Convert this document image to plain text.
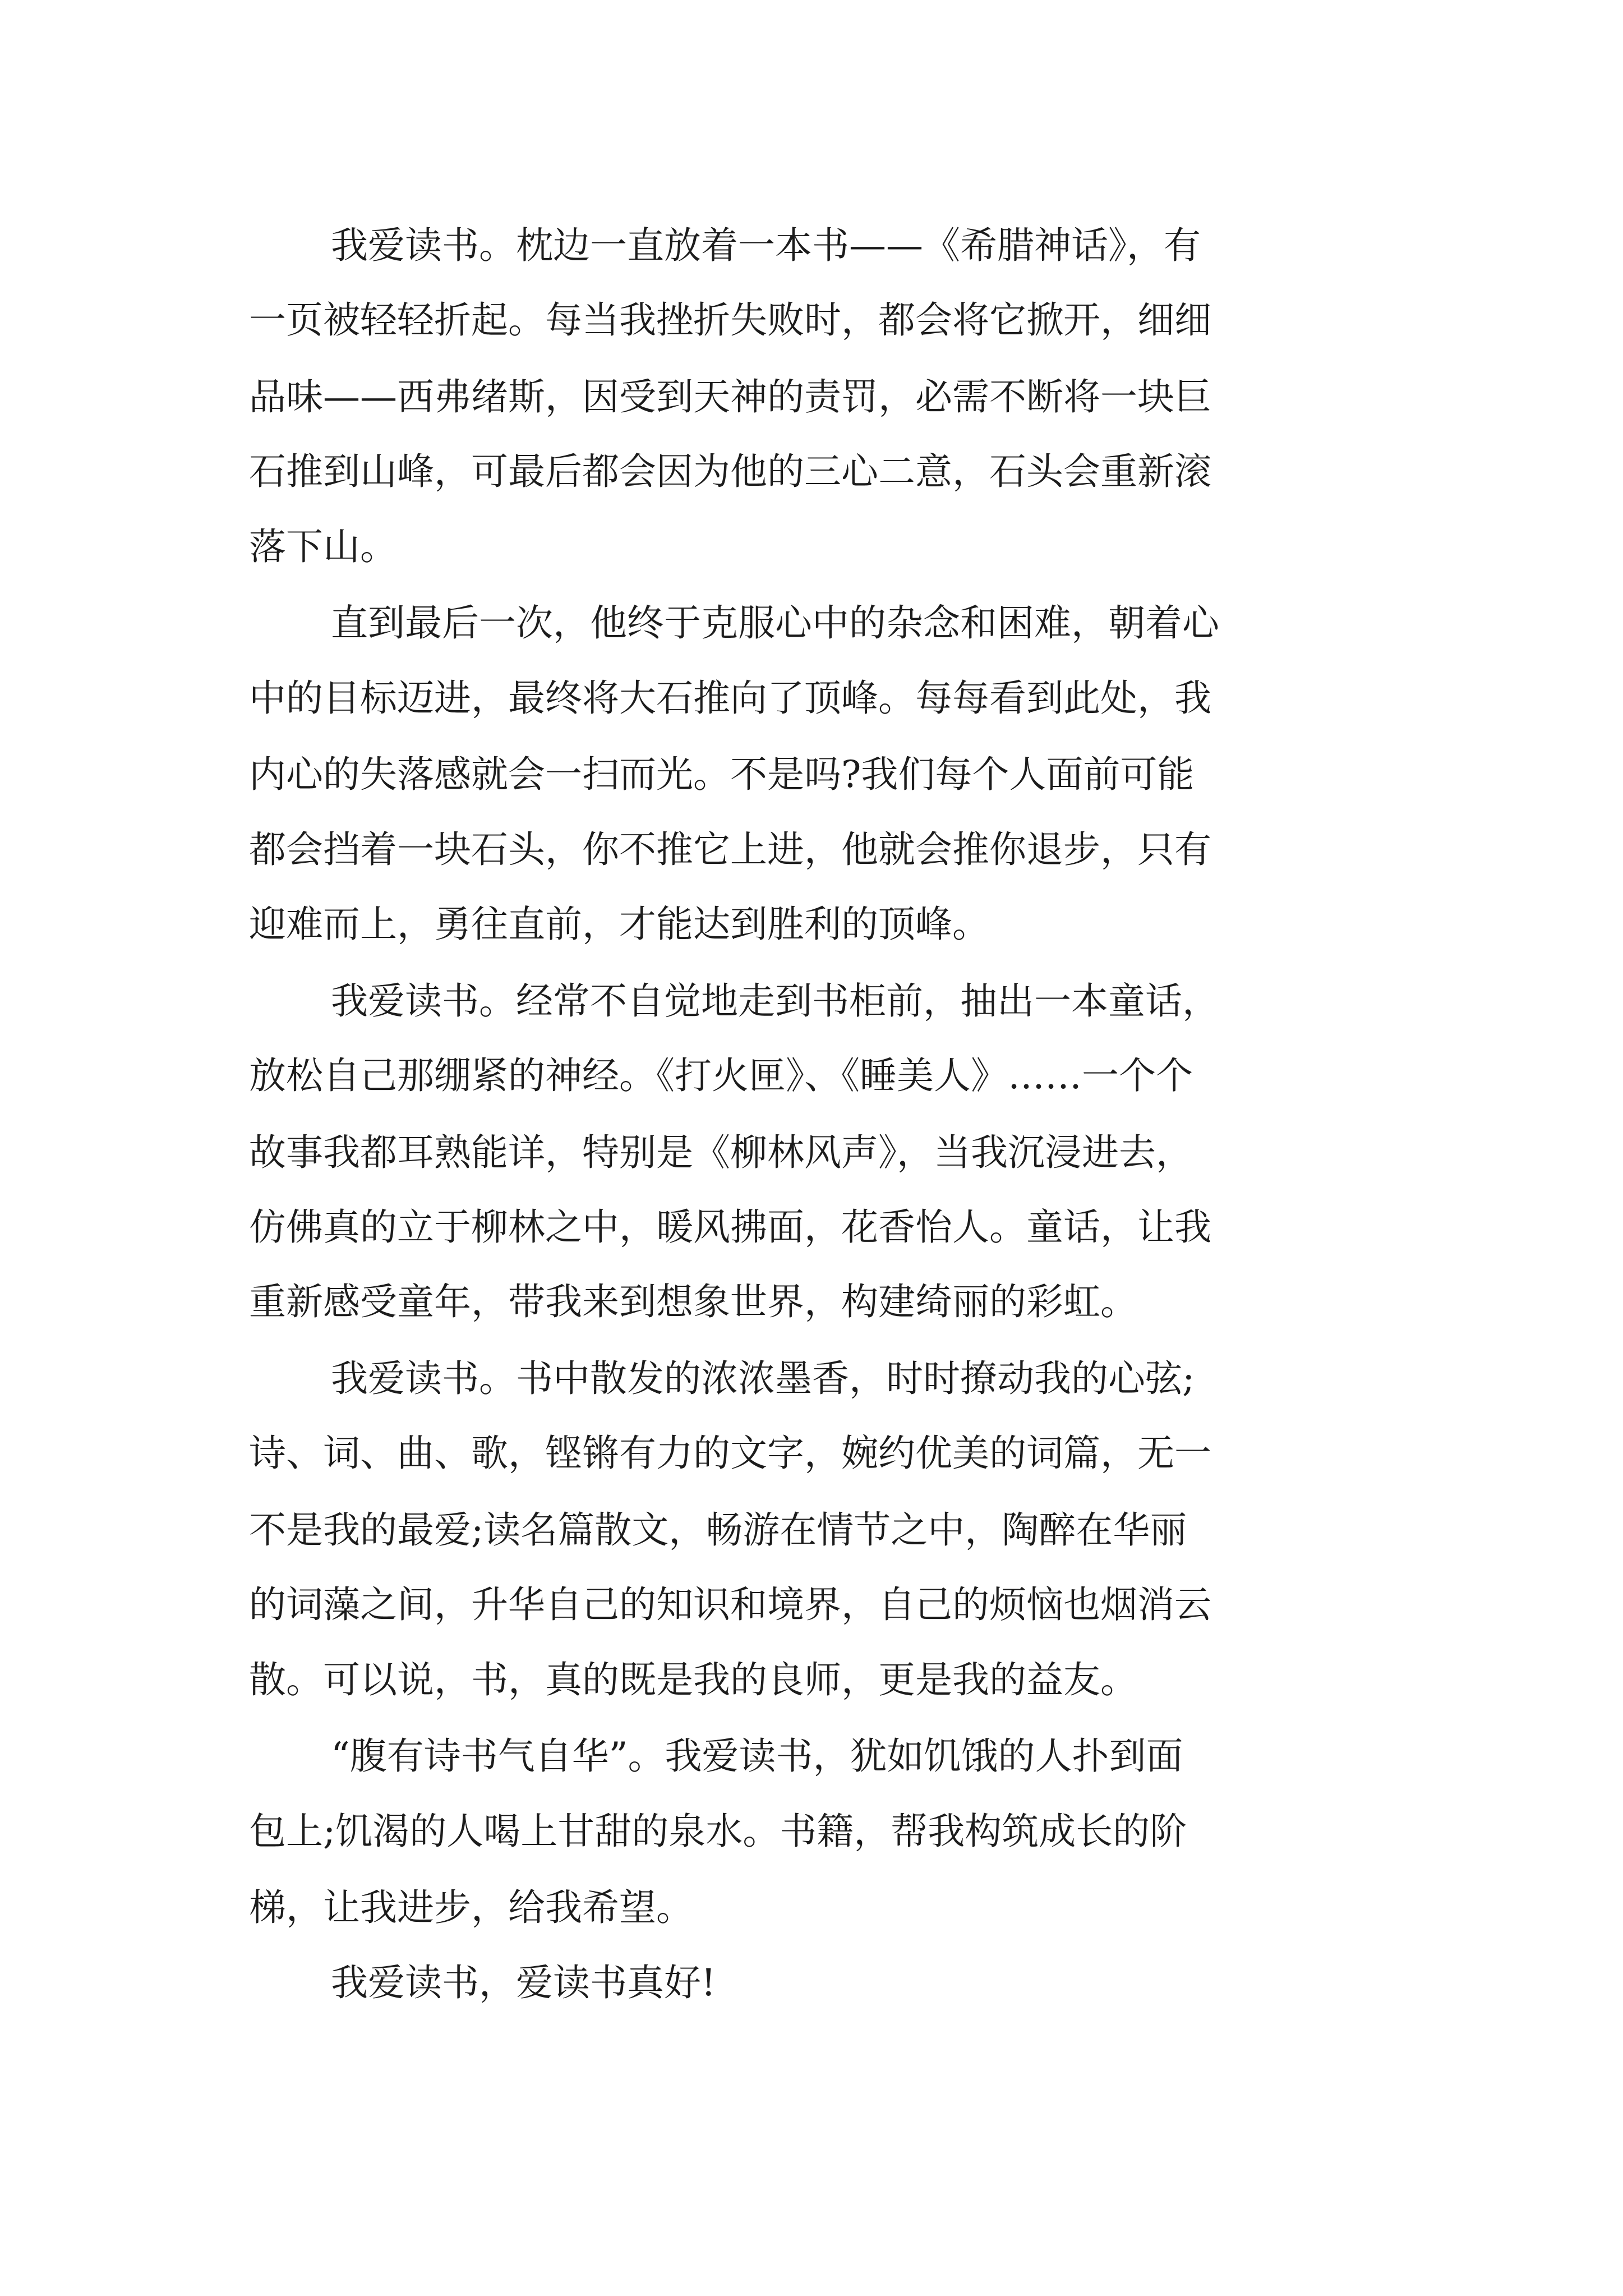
我爱读书。枕边一直放着一本书——《希腊神话》，有

一页被轻轻折起。每当我挫折失败时，都会将它掀开，细细

品味——西弗绪斯，因受到天神的责罚，必需不断将一块巨

石推到山峰，可最后都会因为他的三心二意，石头会重新滚

落下山。

直到最后一次，他终于克服心中的杂念和困难，朝着心

中的目标迈进，最终将大石推向了顶峰。每每看到此处，我

内心的失落感就会一扫而光。不是吗?我们每个人面前可能

都会挡着一块石头，你不推它上进，他就会推你退步，只有

迎难而上，勇往直前，才能达到胜利的顶峰。

我爱读书。经常不自觉地走到书柜前，抽出一本童话，

放松自己那绷紧的神经。《打火匣》、《睡美人》……一个个

故事我都耳熟能详，特别是《柳林风声》，当我沉浸进去，

仿佛真的立于柳林之中，暖风拂面，花香怡人。童话，让我

重新感受童年，带我来到想象世界，构建绮丽的彩虹。

我爱读书。书中散发的浓浓墨香，时时撩动我的心弦;

诗、词、曲、歌，铿锵有力的文字，婉约优美的词篇，无一

不是我的最爱;读名篇散文，畅游在情节之中，陶醉在华丽

的词藻之间，升华自己的知识和境界，自己的烦恼也烟消云

散。可以说，书，真的既是我的良师，更是我的益友。

“腹有诗书气自华”。我爱读书，犹如饥饿的人扑到面

包上;饥渴的人喝上甘甜的泉水。书籍，帮我构筑成长的阶

梯，让我进步，给我希望。

我爱读书，爱读书真好!
